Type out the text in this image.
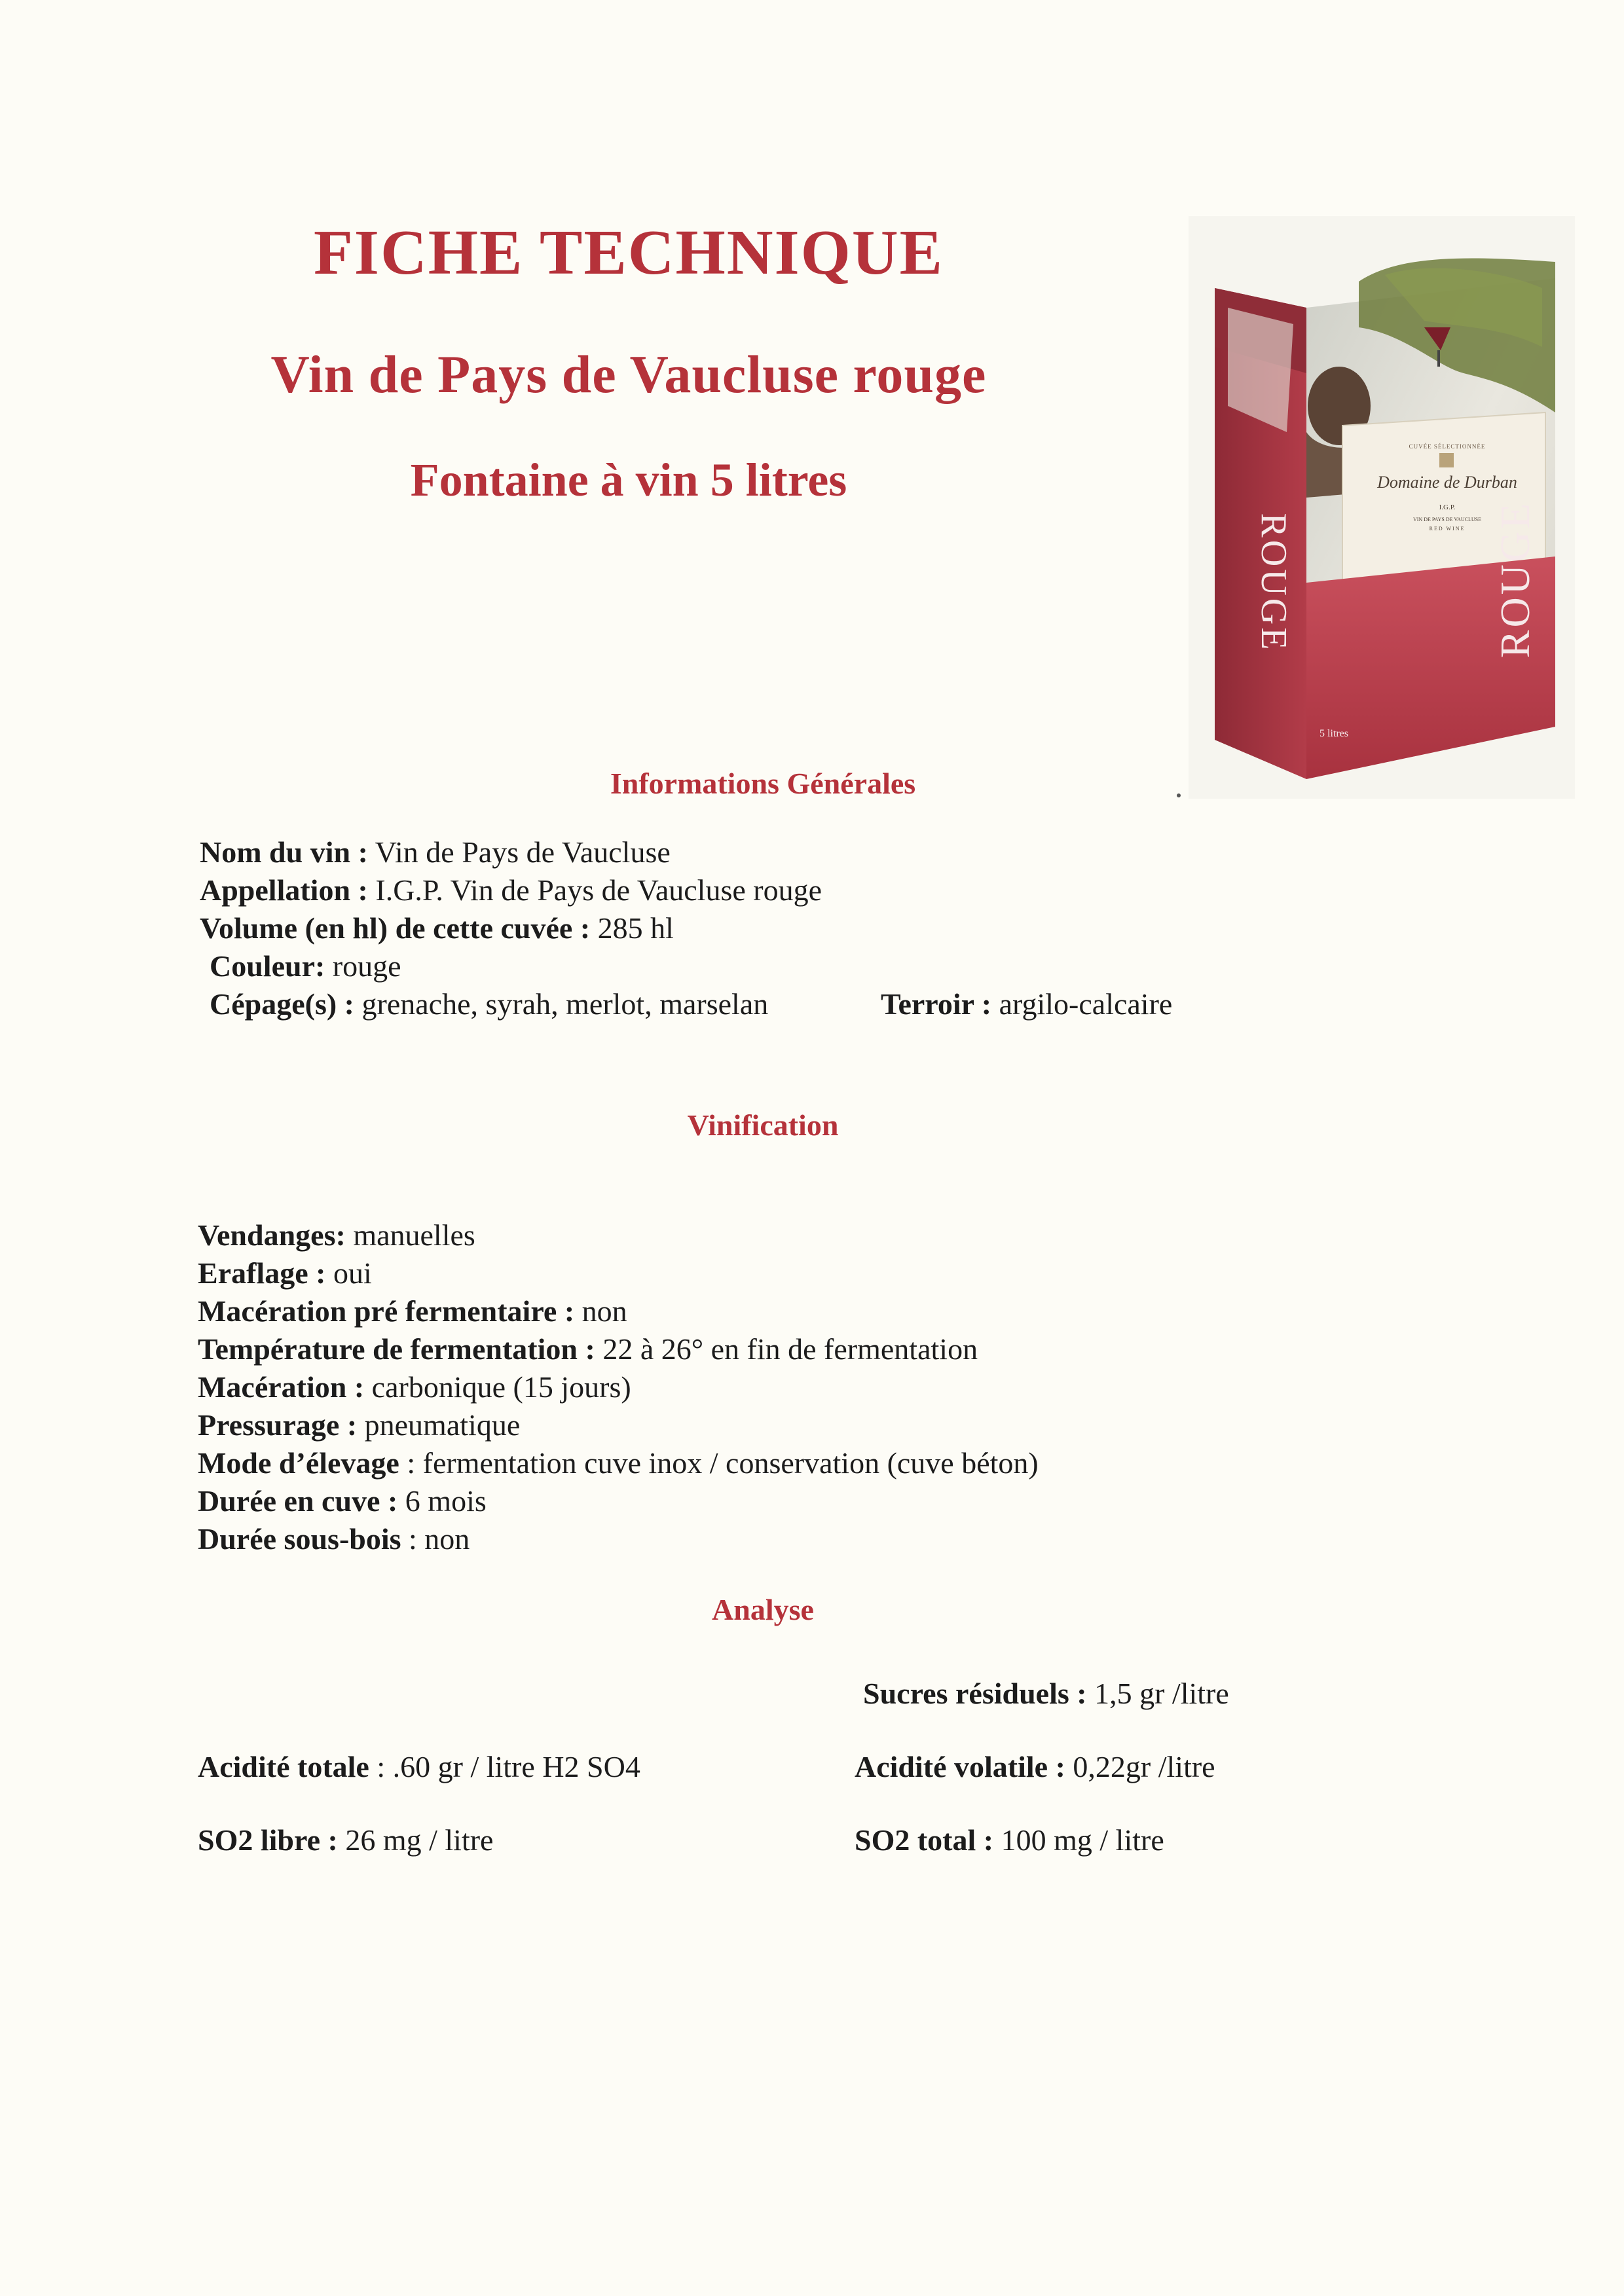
FICHE TECHNIQUE
Vin de Pays de Vaucluse rouge
Fontaine à vin 5 litres
ROUGE	ROUGE
CUVÉE SÉLECTIONNÉE
Domaine de Durban
I.G.P.
VIN DE PAYS DE VAUCLUSE
RED WINE
5 litres
Informations Générales
Nom du vin : Vin de Pays de Vaucluse
Appellation : I.G.P. Vin de Pays de Vaucluse rouge
Volume (en hl) de cette cuvée : 285 hl
Couleur: rouge
Cépage(s) : grenache, syrah, merlot, marselan	Terroir : argilo-calcaire
Vinification
Vendanges: manuelles
Eraflage : oui
Macération pré fermentaire : non
Température de fermentation : 22 à 26° en fin de fermentation
Macération : carbonique (15 jours)
Pressurage : pneumatique
Mode d’élevage : fermentation cuve inox / conservation (cuve béton)
Durée en cuve : 6 mois
Durée sous-bois : non
Analyse
Sucres résiduels : 1,5 gr /litre
Acidité totale : .60 gr / litre H2 SO4	Acidité volatile : 0,22gr /litre
SO2 libre : 26 mg / litre	SO2 total : 100 mg / litre
